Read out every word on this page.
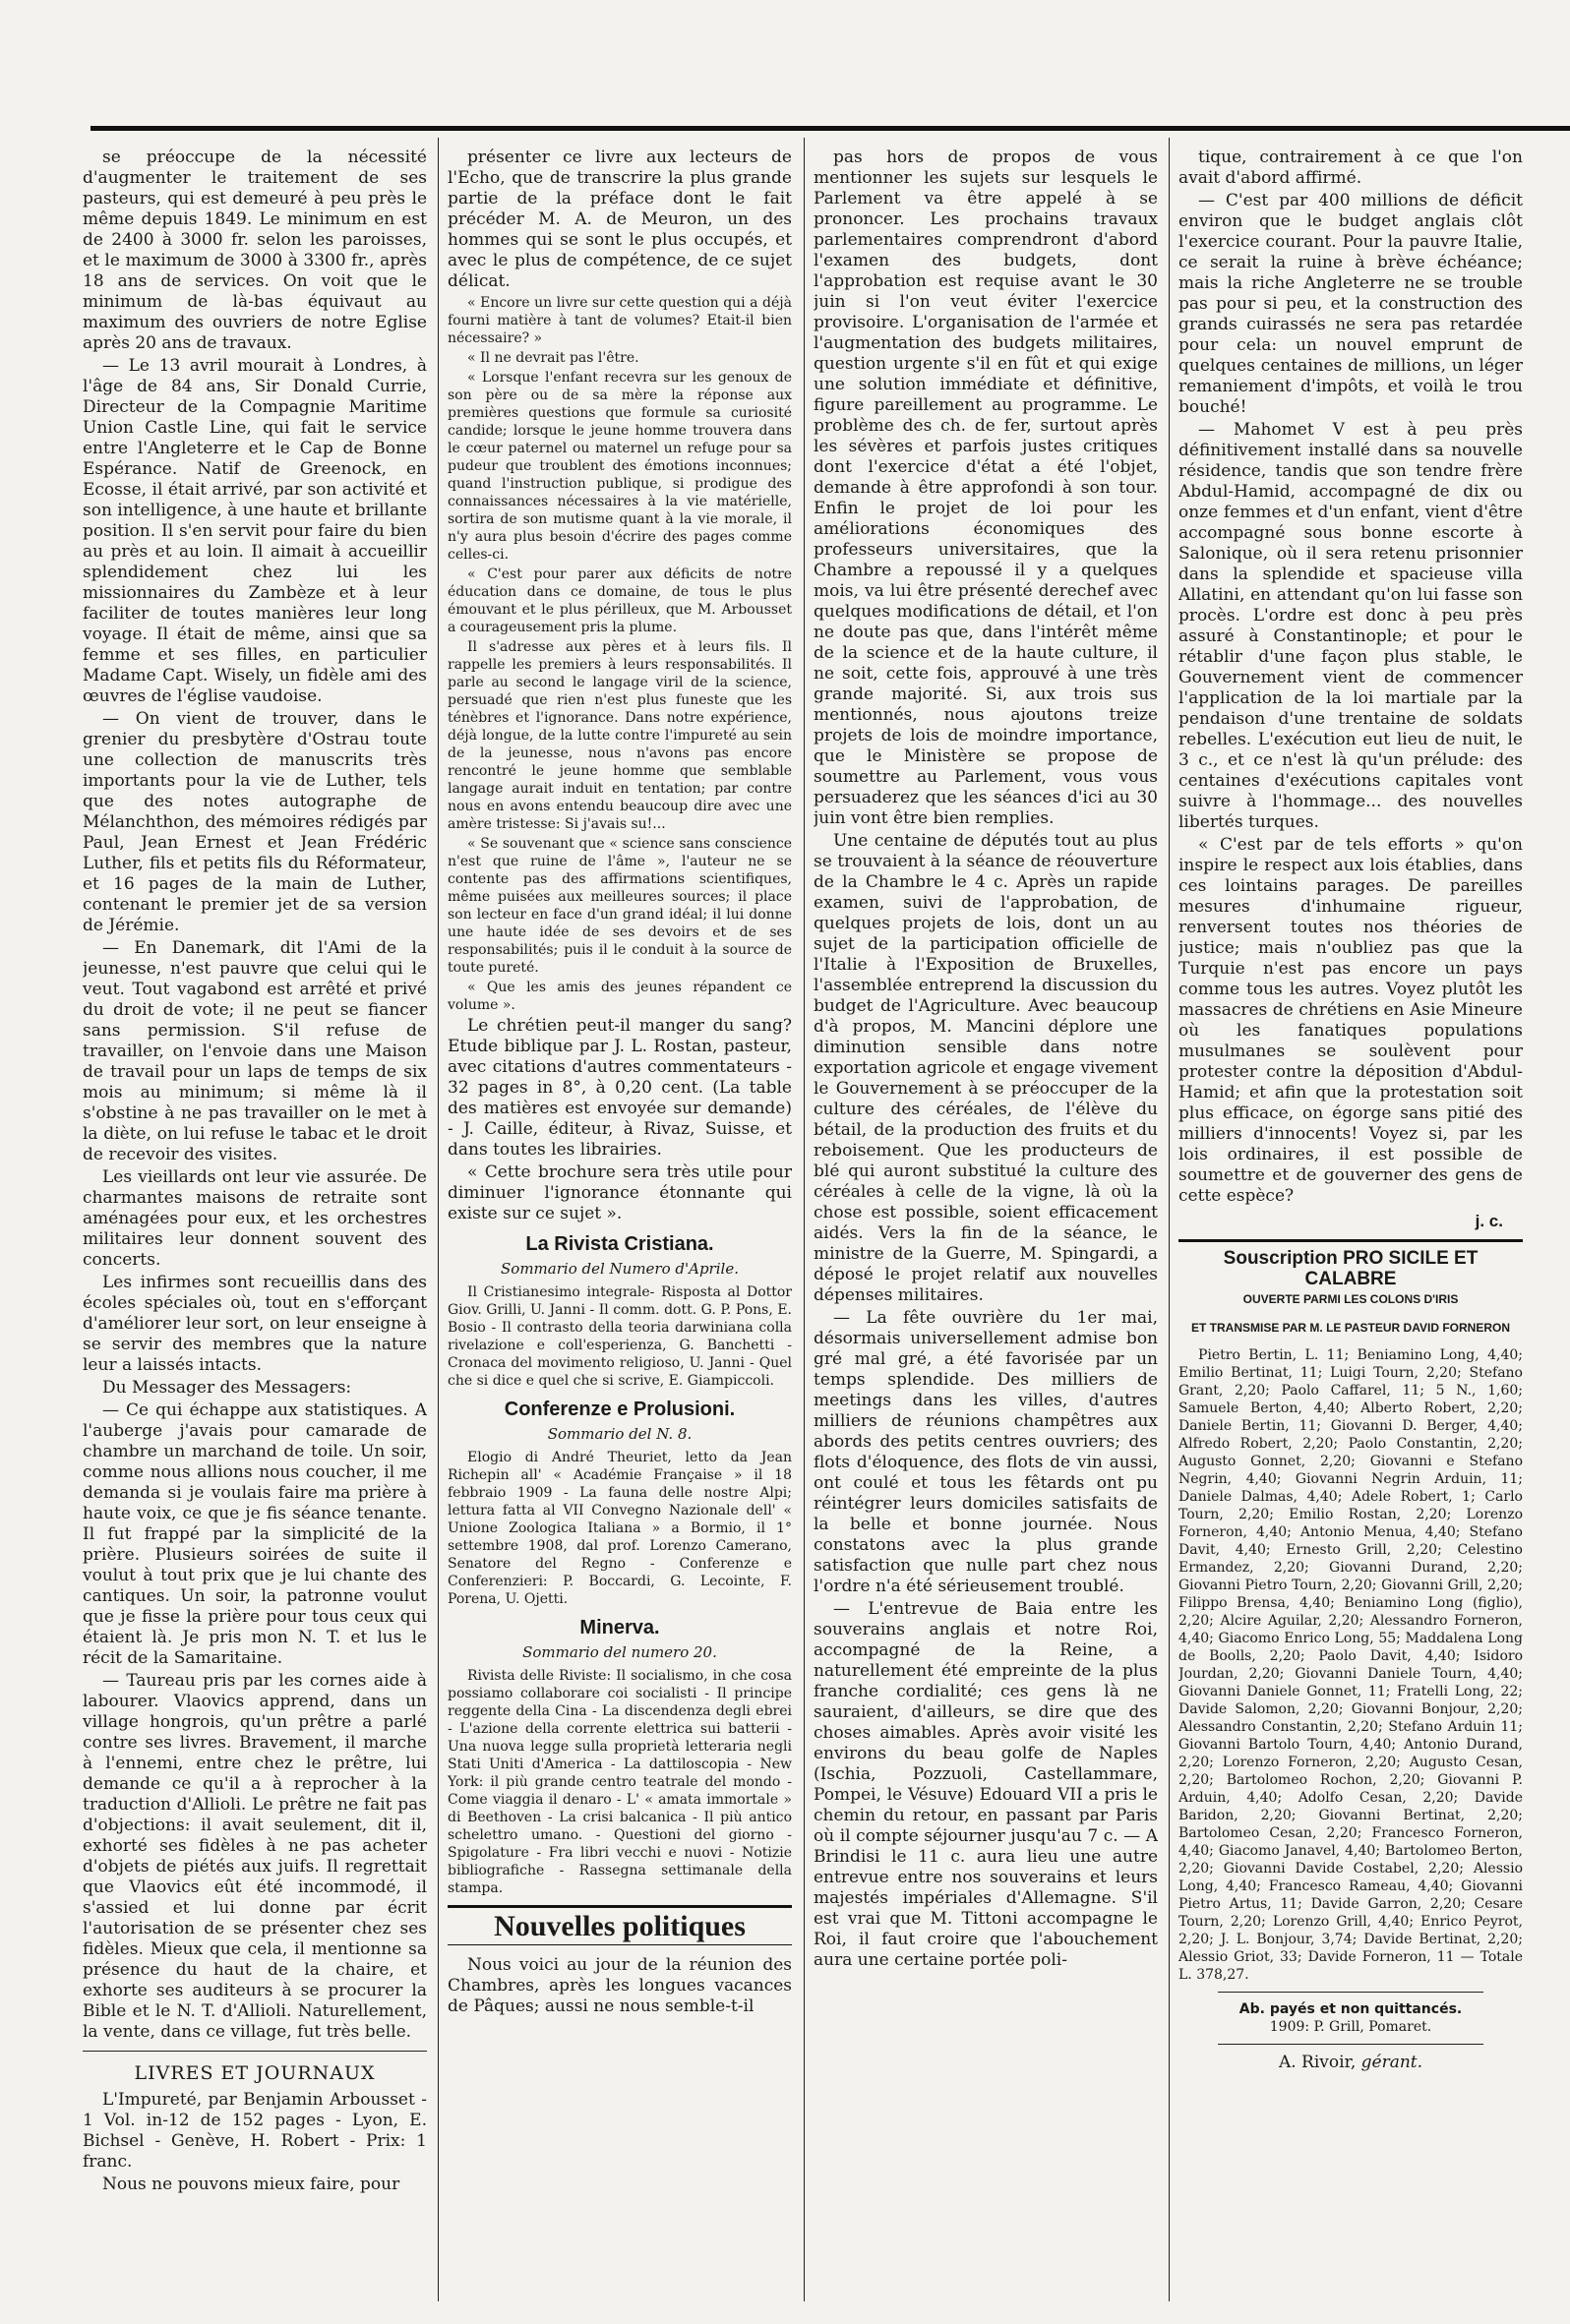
se préoccupe de la nécessité d'augmenter le traitement de ses pasteurs, qui est demeuré à peu près le même depuis 1849. Le minimum en est de 2400 à 3000 fr. selon les paroisses, et le maximum de 3000 à 3300 fr., après 18 ans de services. On voit que le minimum de là-bas équivaut au maximum des ouvriers de notre Eglise après 20 ans de travaux.

— Le 13 avril mourait à Londres, à l'âge de 84 ans, Sir Donald Currie, Directeur de la Compagnie Maritime Union Castle Line, qui fait le service entre l'Angleterre et le Cap de Bonne Espérance. Natif de Greenock, en Ecosse, il était arrivé, par son activité et son intelligence, à une haute et brillante position. Il s'en servit pour faire du bien au près et au loin. Il aimait à accueillir splendidement chez lui les missionnaires du Zambèze et à leur faciliter de toutes manières leur long voyage. Il était de même, ainsi que sa femme et ses filles, en particulier Madame Capt. Wisely, un fidèle ami des œuvres de l'église vaudoise.

— On vient de trouver, dans le grenier du presbytère d'Ostrau toute une collection de manuscrits très importants pour la vie de Luther, tels que des notes autographe de Mélanchthon, des mémoires rédigés par Paul, Jean Ernest et Jean Frédéric Luther, fils et petits fils du Réformateur, et 16 pages de la main de Luther, contenant le premier jet de sa version de Jérémie.

— En Danemark, dit l'Ami de la jeunesse, n'est pauvre que celui qui le veut. Tout vagabond est arrêté et privé du droit de vote; il ne peut se fiancer sans permission. S'il refuse de travailler, on l'envoie dans une Maison de travail pour un laps de temps de six mois au minimum; si même là il s'obstine à ne pas travailler on le met à la diète, on lui refuse le tabac et le droit de recevoir des visites.

Les vieillards ont leur vie assurée. De charmantes maisons de retraite sont aménagées pour eux, et les orchestres militaires leur donnent souvent des concerts.

Les infirmes sont recueillis dans des écoles spéciales où, tout en s'efforçant d'améliorer leur sort, on leur enseigne à se servir des membres que la nature leur a laissés intacts.

Du Messager des Messagers:

— Ce qui échappe aux statistiques. A l'auberge j'avais pour camarade de chambre un marchand de toile. Un soir, comme nous allions nous coucher, il me demanda si je voulais faire ma prière à haute voix, ce que je fis séance tenante. Il fut frappé par la simplicité de la prière. Plusieurs soirées de suite il voulut à tout prix que je lui chante des cantiques. Un soir, la patronne voulut que je fisse la prière pour tous ceux qui étaient là. Je pris mon N. T. et lus le récit de la Samaritaine.

— Taureau pris par les cornes aide à labourer. Vlaovics apprend, dans un village hongrois, qu'un prêtre a parlé contre ses livres. Bravement, il marche à l'ennemi, entre chez le prêtre, lui demande ce qu'il a à reprocher à la traduction d'Allioli. Le prêtre ne fait pas d'objections: il avait seulement, dit il, exhorté ses fidèles à ne pas acheter d'objets de piétés aux juifs. Il regrettait que Vlaovics eût été incommodé, il s'assied et lui donne par écrit l'autorisation de se présenter chez ses fidèles. Mieux que cela, il mentionne sa présence du haut de la chaire, et exhorte ses auditeurs à se procurer la Bible et le N. T. d'Allioli. Naturellement, la vente, dans ce village, fut très belle.

LIVRES ET JOURNAUX

L'Impureté, par Benjamin Arbousset - 1 Vol. in-12 de 152 pages - Lyon, E. Bichsel - Genève, H. Robert - Prix: 1 franc.

Nous ne pouvons mieux faire, pour

présenter ce livre aux lecteurs de l'Echo, que de transcrire la plus grande partie de la préface dont le fait précéder M. A. de Meuron, un des hommes qui se sont le plus occupés, et avec le plus de compétence, de ce sujet délicat.

« Encore un livre sur cette question qui a déjà fourni matière à tant de volumes? Etait-il bien nécessaire? »

« Il ne devrait pas l'être.

« Lorsque l'enfant recevra sur les genoux de son père ou de sa mère la réponse aux premières questions que formule sa curiosité candide; lorsque le jeune homme trouvera dans le cœur paternel ou maternel un refuge pour sa pudeur que troublent des émotions inconnues; quand l'instruction publique, si prodigue des connaissances nécessaires à la vie matérielle, sortira de son mutisme quant à la vie morale, il n'y aura plus besoin d'écrire des pages comme celles-ci.

« C'est pour parer aux déficits de notre éducation dans ce domaine, de tous le plus émouvant et le plus périlleux, que M. Arbousset a courageusement pris la plume.

Il s'adresse aux pères et à leurs fils. Il rappelle les premiers à leurs responsabilités. Il parle au second le langage viril de la science, persuadé que rien n'est plus funeste que les ténèbres et l'ignorance. Dans notre expérience, déjà longue, de la lutte contre l'impureté au sein de la jeunesse, nous n'avons pas encore rencontré le jeune homme que semblable langage aurait induit en tentation; par contre nous en avons entendu beaucoup dire avec une amère tristesse: Si j'avais su!...

« Se souvenant que « science sans conscience n'est que ruine de l'âme », l'auteur ne se contente pas des affirmations scientifiques, même puisées aux meilleures sources; il place son lecteur en face d'un grand idéal; il lui donne une haute idée de ses devoirs et de ses responsabilités; puis il le conduit à la source de toute pureté.

« Que les amis des jeunes répandent ce volume ».

Le chrétien peut-il manger du sang? Etude biblique par J. L. Rostan, pasteur, avec citations d'autres commentateurs - 32 pages in 8°, à 0,20 cent. (La table des matières est envoyée sur demande) - J. Caille, éditeur, à Rivaz, Suisse, et dans toutes les librairies.

« Cette brochure sera très utile pour diminuer l'ignorance étonnante qui existe sur ce sujet ».

La Rivista Cristiana.
Sommario del Numero d'Aprile.

Il Cristianesimo integrale- Risposta al Dottor Giov. Grilli, U. Janni - Il comm. dott. G. P. Pons, E. Bosio - Il contrasto della teoria darwiniana colla rivelazione e coll'esperienza, G. Banchetti - Cronaca del movimento religioso, U. Janni - Quel che si dice e quel che si scrive, E. Giampiccoli.

Conferenze e Prolusioni.
Sommario del N. 8.

Elogio di André Theuriet, letto da Jean Richepin all' « Académie Française » il 18 febbraio 1909 - La fauna delle nostre Alpi; lettura fatta al VII Convegno Nazionale dell' « Unione Zoologica Italiana » a Bormio, il 1° settembre 1908, dal prof. Lorenzo Camerano, Senatore del Regno - Conferenze e Conferenzieri: P. Boccardi, G. Lecointe, F. Porena, U. Ojetti.

Minerva.
Sommario del numero 20.

Rivista delle Riviste: Il socialismo, in che cosa possiamo collaborare coi socialisti - Il principe reggente della Cina - La discendenza degli ebrei - L'azione della corrente elettrica sui batterii - Una nuova legge sulla proprietà letteraria negli Stati Uniti d'America - La dattiloscopia - New York: il più grande centro teatrale del mondo - Come viaggia il denaro - L' « amata immortale » di Beethoven - La crisi balcanica - Il più antico schelettro umano. - Questioni del giorno - Spigolature - Fra libri vecchi e nuovi - Notizie bibliografiche - Rassegna settimanale della stampa.

Nouvelles politiques

Nous voici au jour de la réunion des Chambres, après les longues vacances de Pâques; aussi ne nous semble-t-il

pas hors de propos de vous mentionner les sujets sur lesquels le Parlement va être appelé à se prononcer. Les prochains travaux parlementaires comprendront d'abord l'examen des budgets, dont l'approbation est requise avant le 30 juin si l'on veut éviter l'exercice provisoire. L'organisation de l'armée et l'augmentation des budgets militaires, question urgente s'il en fût et qui exige une solution immédiate et définitive, figure pareillement au programme. Le problème des ch. de fer, surtout après les sévères et parfois justes critiques dont l'exercice d'état a été l'objet, demande à être approfondi à son tour. Enfin le projet de loi pour les améliorations économiques des professeurs universitaires, que la Chambre a repoussé il y a quelques mois, va lui être présenté derechef avec quelques modifications de détail, et l'on ne doute pas que, dans l'intérêt même de la science et de la haute culture, il ne soit, cette fois, approuvé à une très grande majorité. Si, aux trois sus mentionnés, nous ajoutons treize projets de lois de moindre importance, que le Ministère se propose de soumettre au Parlement, vous vous persuaderez que les séances d'ici au 30 juin vont être bien remplies.

Une centaine de députés tout au plus se trouvaient à la séance de réouverture de la Chambre le 4 c. Après un rapide examen, suivi de l'approbation, de quelques projets de lois, dont un au sujet de la participation officielle de l'Italie à l'Exposition de Bruxelles, l'assemblée entreprend la discussion du budget de l'Agriculture. Avec beaucoup d'à propos, M. Mancini déplore une diminution sensible dans notre exportation agricole et engage vivement le Gouvernement à se préoccuper de la culture des céréales, de l'élève du bétail, de la production des fruits et du reboisement. Que les producteurs de blé qui auront substitué la culture des céréales à celle de la vigne, là où la chose est possible, soient efficacement aidés. Vers la fin de la séance, le ministre de la Guerre, M. Spingardi, a déposé le projet relatif aux nouvelles dépenses militaires.

— La fête ouvrière du 1er mai, désormais universellement admise bon gré mal gré, a été favorisée par un temps splendide. Des milliers de meetings dans les villes, d'autres milliers de réunions champêtres aux abords des petits centres ouvriers; des flots d'éloquence, des flots de vin aussi, ont coulé et tous les fêtards ont pu réintégrer leurs domiciles satisfaits de la belle et bonne journée. Nous constatons avec la plus grande satisfaction que nulle part chez nous l'ordre n'a été sérieusement troublé.

— L'entrevue de Baia entre les souverains anglais et notre Roi, accompagné de la Reine, a naturellement été empreinte de la plus franche cordialité; ces gens là ne sauraient, d'ailleurs, se dire que des choses aimables. Après avoir visité les environs du beau golfe de Naples (Ischia, Pozzuoli, Castellammare, Pompei, le Vésuve) Edouard VII a pris le chemin du retour, en passant par Paris où il compte séjourner jusqu'au 7 c. — A Brindisi le 11 c. aura lieu une autre entrevue entre nos souverains et leurs majestés impériales d'Allemagne. S'il est vrai que M. Tittoni accompagne le Roi, il faut croire que l'abouchement aura une certaine portée poli-

tique, contrairement à ce que l'on avait d'abord affirmé.

— C'est par 400 millions de déficit environ que le budget anglais clôt l'exercice courant. Pour la pauvre Italie, ce serait la ruine à brève échéance; mais la riche Angleterre ne se trouble pas pour si peu, et la construction des grands cuirassés ne sera pas retardée pour cela: un nouvel emprunt de quelques centaines de millions, un léger remaniement d'impôts, et voilà le trou bouché!

— Mahomet V est à peu près définitivement installé dans sa nouvelle résidence, tandis que son tendre frère Abdul-Hamid, accompagné de dix ou onze femmes et d'un enfant, vient d'être accompagné sous bonne escorte à Salonique, où il sera retenu prisonnier dans la splendide et spacieuse villa Allatini, en attendant qu'on lui fasse son procès. L'ordre est donc à peu près assuré à Constantinople; et pour le rétablir d'une façon plus stable, le Gouvernement vient de commencer l'application de la loi martiale par la pendaison d'une trentaine de soldats rebelles. L'exécution eut lieu de nuit, le 3 c., et ce n'est là qu'un prélude: des centaines d'exécutions capitales vont suivre à l'hommage... des nouvelles libertés turques.

« C'est par de tels efforts » qu'on inspire le respect aux lois établies, dans ces lointains parages. De pareilles mesures d'inhumaine rigueur, renversent toutes nos théories de justice; mais n'oubliez pas que la Turquie n'est pas encore un pays comme tous les autres. Voyez plutôt les massacres de chrétiens en Asie Mineure où les fanatiques populations musulmanes se soulèvent pour protester contre la déposition d'Abdul-Hamid; et afin que la protestation soit plus efficace, on égorge sans pitié des milliers d'innocents! Voyez si, par les lois ordinaires, il est possible de soumettre et de gouverner des gens de cette espèce?

j. c.
Souscription PRO SICILE ET CALABRE
OUVERTE PARMI LES COLONS D'IRIS
ET TRANSMISE PAR M. LE PASTEUR DAVID FORNERON

Pietro Bertin, L. 11; Beniamino Long, 4,40; Emilio Bertinat, 11; Luigi Tourn, 2,20; Stefano Grant, 2,20; Paolo Caffarel, 11; 5 N., 1,60; Samuele Berton, 4,40; Alberto Robert, 2,20; Daniele Bertin, 11; Giovanni D. Berger, 4,40; Alfredo Robert, 2,20; Paolo Constantin, 2,20; Augusto Gonnet, 2,20; Giovanni e Stefano Negrin, 4,40; Giovanni Negrin Arduin, 11; Daniele Dalmas, 4,40; Adele Robert, 1; Carlo Tourn, 2,20; Emilio Rostan, 2,20; Lorenzo Forneron, 4,40; Antonio Menua, 4,40; Stefano Davit, 4,40; Ernesto Grill, 2,20; Celestino Ermandez, 2,20; Giovanni Durand, 2,20; Giovanni Pietro Tourn, 2,20; Giovanni Grill, 2,20; Filippo Brensa, 4,40; Beniamino Long (figlio), 2,20; Alcire Aguilar, 2,20; Alessandro Forneron, 4,40; Giacomo Enrico Long, 55; Maddalena Long de Boolls, 2,20; Paolo Davit, 4,40; Isidoro Jourdan, 2,20; Giovanni Daniele Tourn, 4,40; Giovanni Daniele Gonnet, 11; Fratelli Long, 22; Davide Salomon, 2,20; Giovanni Bonjour, 2,20; Alessandro Constantin, 2,20; Stefano Arduin 11; Giovanni Bartolo Tourn, 4,40; Antonio Durand, 2,20; Lorenzo Forneron, 2,20; Augusto Cesan, 2,20; Bartolomeo Rochon, 2,20; Giovanni P. Arduin, 4,40; Adolfo Cesan, 2,20; Davide Baridon, 2,20; Giovanni Bertinat, 2,20; Bartolomeo Cesan, 2,20; Francesco Forneron, 4,40; Giacomo Janavel, 4,40; Bartolomeo Berton, 2,20; Giovanni Davide Costabel, 2,20; Alessio Long, 4,40; Francesco Rameau, 4,40; Giovanni Pietro Artus, 11; Davide Garron, 2,20; Cesare Tourn, 2,20; Lorenzo Grill, 4,40; Enrico Peyrot, 2,20; J. L. Bonjour, 3,74; Davide Bertinat, 2,20; Alessio Griot, 33; Davide Forneron, 11 — Totale L. 378,27.

Ab. payés et non quittancés.
1909: P. Grill, Pomaret.
A. Rivoir, gérant.
